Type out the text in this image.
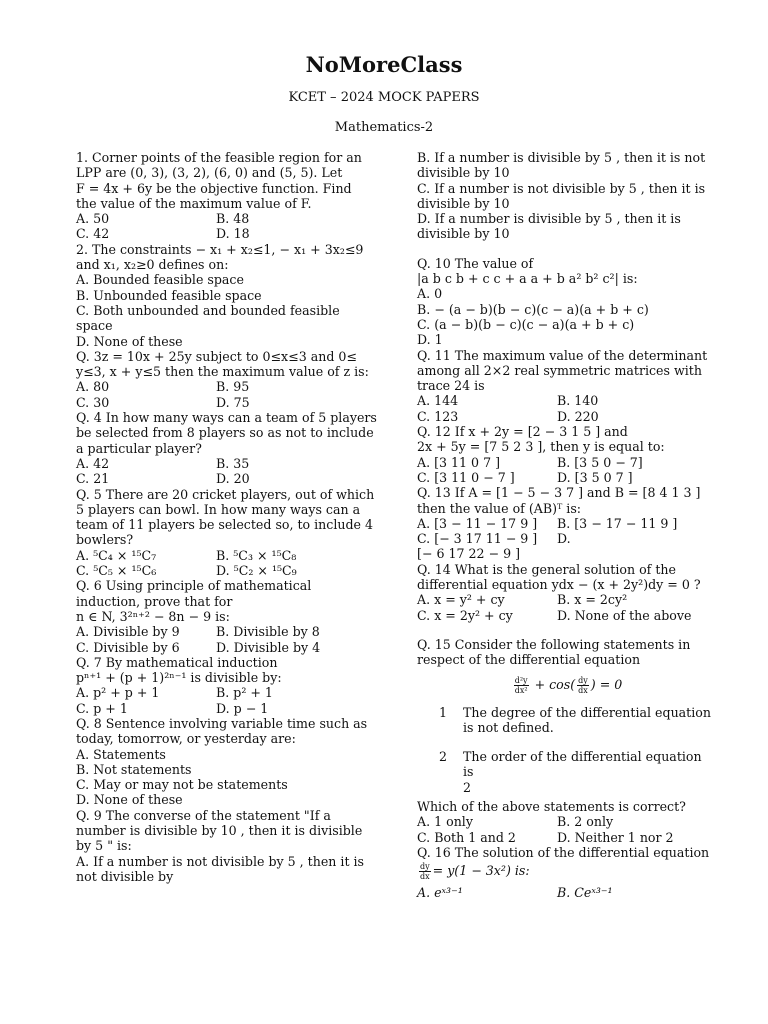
NoMoreClass
KCET – 2024 MOCK PAPERS
Mathematics-2
1. Corner points of the feasible region for an
LPP are (0, 3), (3, 2), (6, 0) and (5, 5). Let
F = 4x + 6y be the objective function. Find
the value of the maximum value of F.
A. 50	B. 48
C. 42	D. 18
2. The constraints − x₁ + x₂≤1, − x₁ + 3x₂≤9
and x₁, x₂≥0 defines on:
A. Bounded feasible space
B. Unbounded feasible space
C. Both unbounded and bounded feasible
space
D. None of these
Q. 3z = 10x + 25y subject to 0≤x≤3 and 0≤
y≤3, x + y≤5 then the maximum value of z is:
A. 80	B. 95
C. 30	D. 75
Q. 4 In how many ways can a team of 5 players
be selected from 8 players so as not to include
a particular player?
A. 42	B. 35
C. 21	D. 20
Q. 5 There are 20 cricket players, out of which
5 players can bowl. In how many ways can a
team of 11 players be selected so, to include 4
bowlers?
A. ⁵C₄ × ¹⁵C₇	B. ⁵C₃ × ¹⁵C₈
C. ⁵C₅ × ¹⁵C₆	D. ⁵C₂ × ¹⁵C₉
Q. 6 Using principle of mathematical
induction, prove that for
n ∈ N, 3²ⁿ⁺² − 8n − 9 is:
A. Divisible by 9	B. Divisible by 8
C. Divisible by 6	D. Divisible by 4
Q. 7 By mathematical induction
pⁿ⁺¹ + (p + 1)²ⁿ⁻¹ is divisible by:
A. p² + p + 1	B. p² + 1
C. p + 1	D. p − 1
Q. 8 Sentence involving variable time such as
today, tomorrow, or yesterday are:
A. Statements
B. Not statements
C. May or may not be statements
D. None of these
Q. 9 The converse of the statement "If a
number is divisible by 10 , then it is divisible
by 5 " is:
A. If a number is not divisible by 5 , then it is
not divisible by
B. If a number is divisible by 5 , then it is not
divisible by 10
C. If a number is not divisible by 5 , then it is
divisible by 10
D. If a number is divisible by 5 , then it is
divisible by 10
Q. 10 The value of
|a b c b + c c + a a + b a² b² c²| is:
A. 0
B. − (a − b)(b − c)(c − a)(a + b + c)
C. (a − b)(b − c)(c − a)(a + b + c)
D. 1
Q. 11 The maximum value of the determinant
among all 2×2 real symmetric matrices with
trace 24 is
A. 144	B. 140
C. 123	D. 220
Q. 12 If x + 2y = [2 − 3 1 5 ] and
2x + 5y = [7 5 2 3 ], then y is equal to:
A. [3 11 0 7 ]	B. [3 5 0 − 7]
C. [3 11 0 − 7 ]	D. [3 5 0 7 ]
Q. 13 If A = [1 − 5 − 3 7 ] and B = [8 4 1 3 ]
then the value of (AB)ᵀ is:
A. [3 − 11 − 17 9 ]	B. [3 − 17 − 11 9 ]
C. [− 3 17 11 − 9 ]	D.
[− 6 17 22 − 9 ]
Q. 14 What is the general solution of the
differential equation ydx − (x + 2y²)dy = 0 ?
A. x = y² + cy	B. x = 2cy²
C. x = 2y² + cy	D. None of the above
Q. 15 Consider the following statements in
respect of the differential equation
$\frac{\text{d²y}}{\text{dx²}} + \cos( \frac{dy}{dx}$ ) = 0
1	The degree of the differential equation
is not defined.
2	The order of the differential equation is
2
Which of the above statements is correct?
A. 1 only	B. 2 only
C. Both 1 and 2	D. Neither 1 nor 2
Q. 16 The solution of the differential equation
$\frac{dy}{dx} = y(1 - 3x^2)$ is:
A. eˣ³⁻¹	B. Ceˣ³⁻¹
